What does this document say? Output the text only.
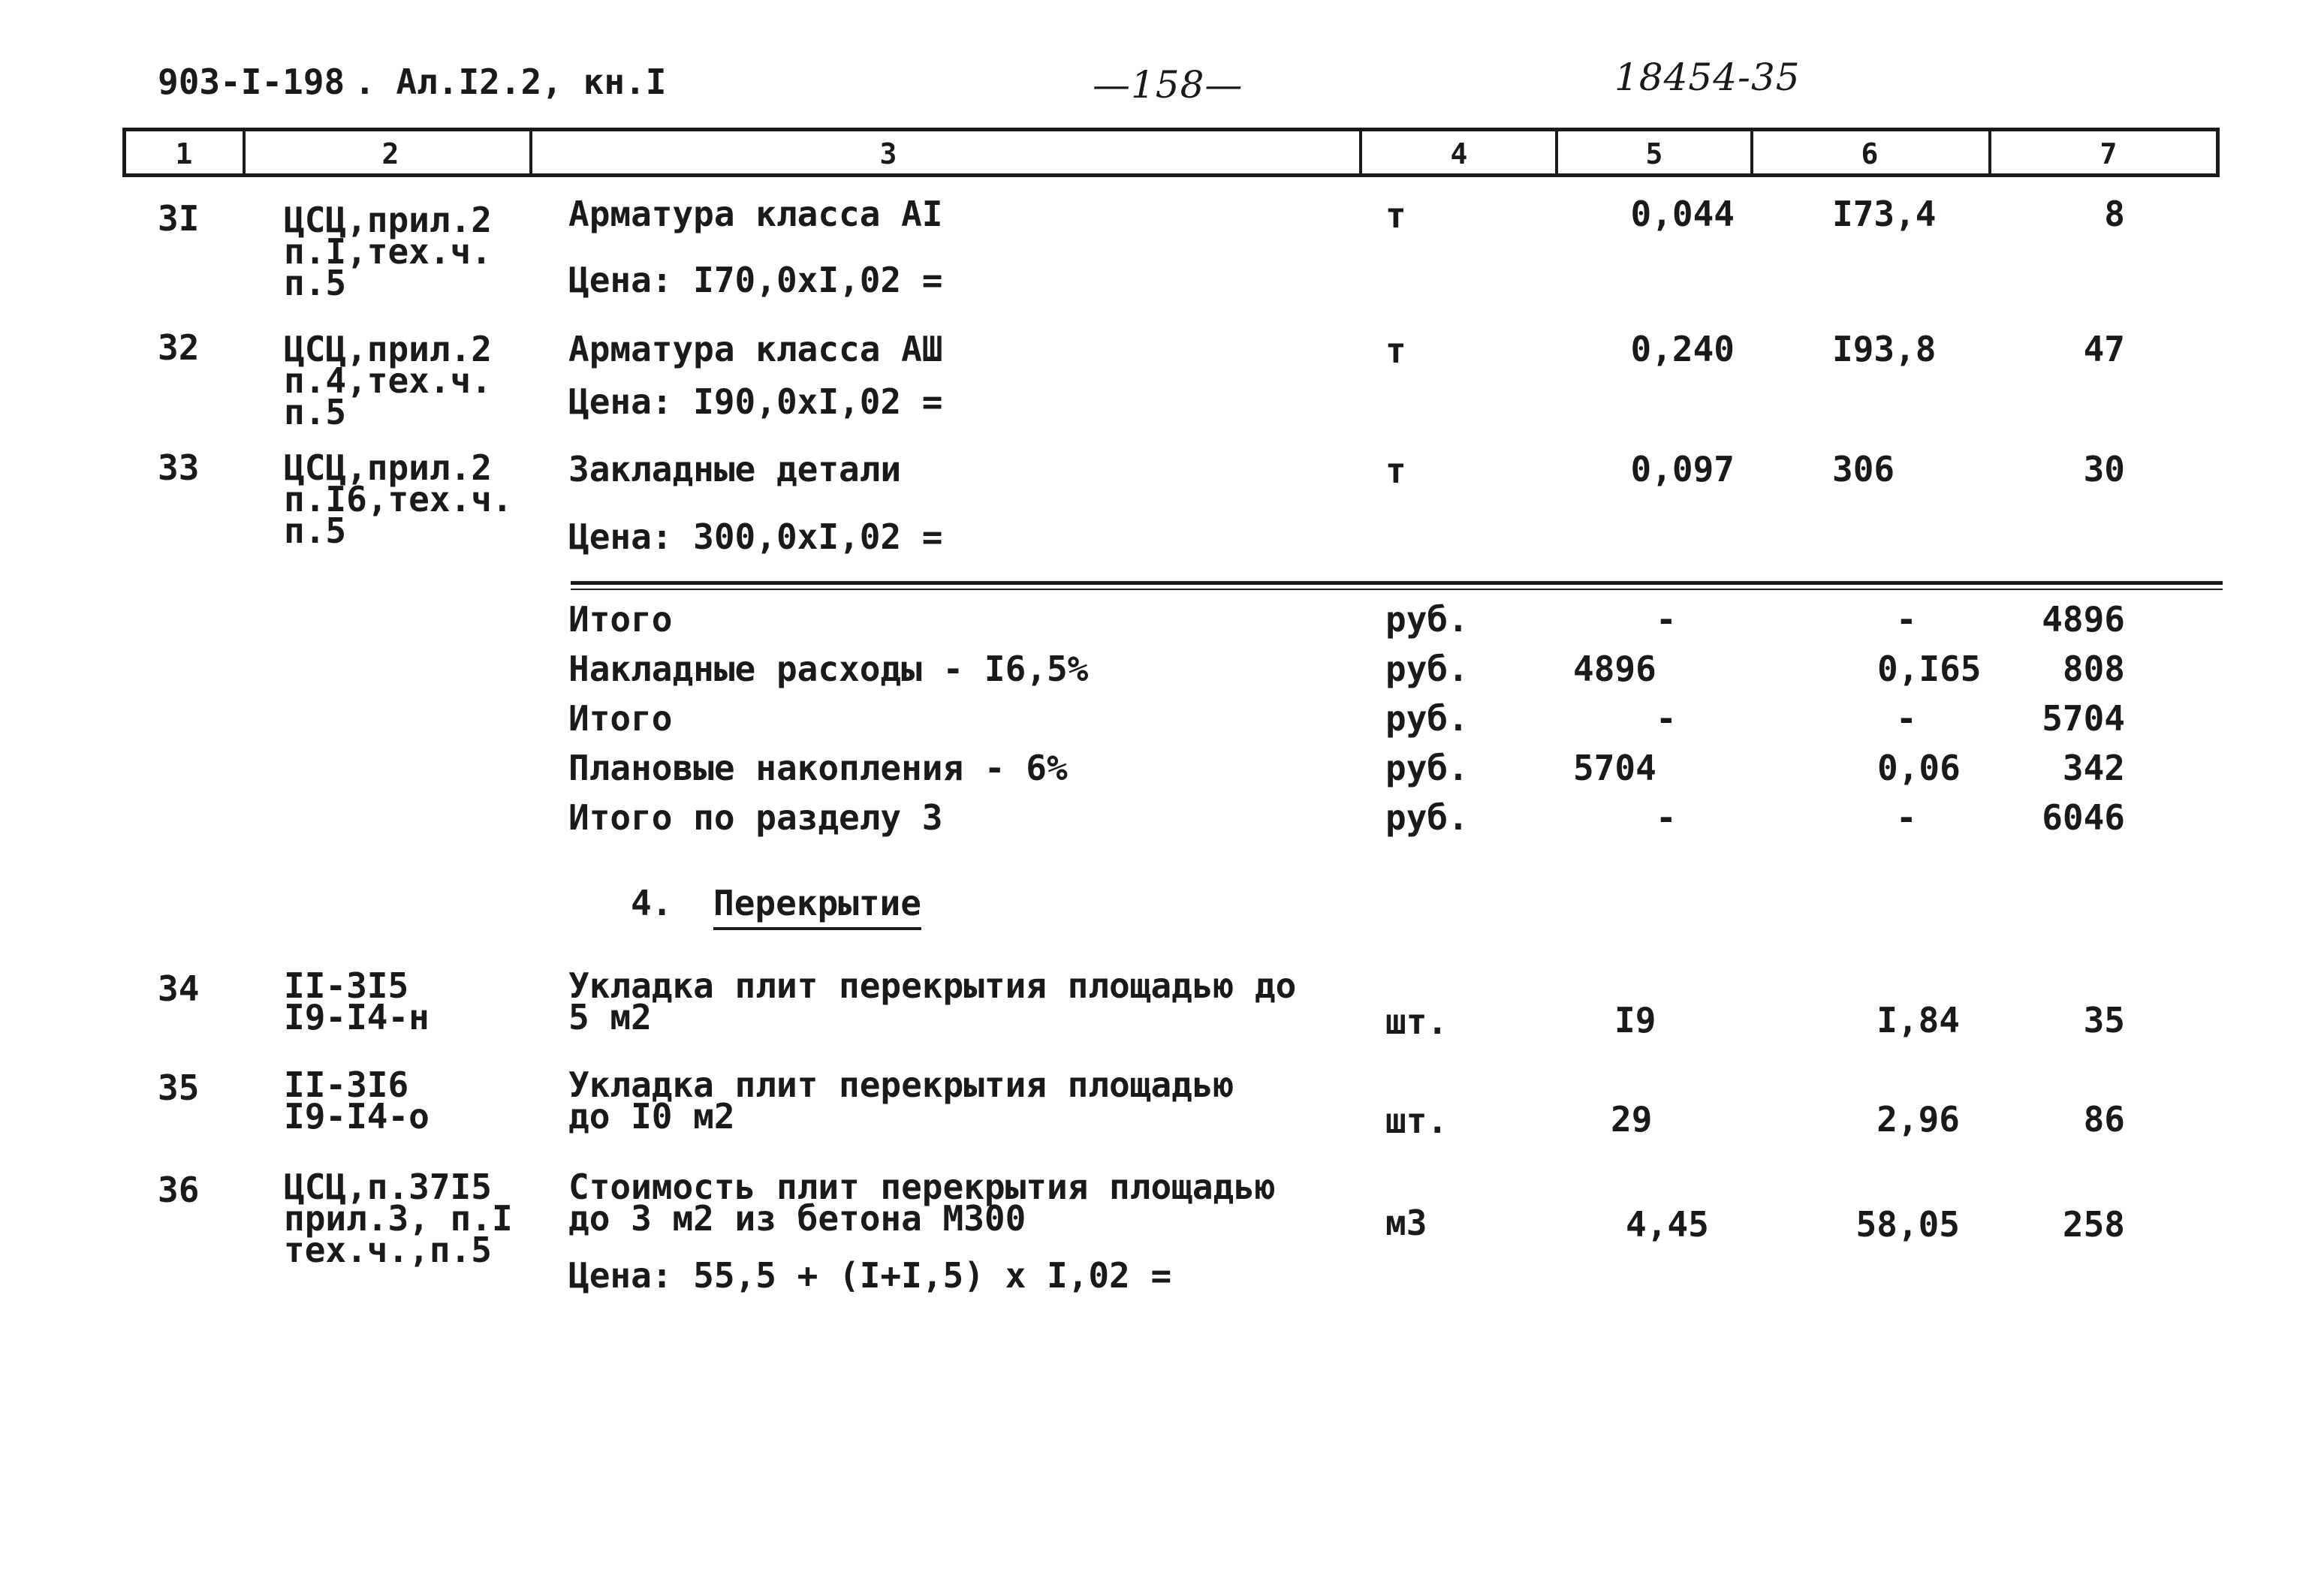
903-I-198 . Ал.I2.2, кн.I	—158—	18454-35
1	2	3	4	5	6	7
3I ЦСЦ,прил.2
п.I,тех.ч.
п.5
Арматура класса AI
Цена: I70,0xI,02 =
т	0,044	I73,4	8
32 ЦСЦ,прил.2
п.4,тех.ч.
п.5
Арматура класса АШ
Цена: I90,0xI,02 =
т	0,240	I93,8	47
33 ЦСЦ,прил.2
п.I6,тех.ч.
п.5
Закладные детали
Цена: 300,0xI,02 =
т	0,097	306	30
Итого	руб.	-	-	4896
Накладные расходы - I6,5%	руб.	4896	0,I65 808
Итого	руб.	-	-	5704
Плановые накопления - 6%	руб.	5704	0,06	342
Итого по разделу 3	руб.	-	-	6046
4. Перекрытие
34 II-3I5
I9-I4-н
Укладка плит перекрытия площадью до
5 м2	шт.	I9	I,84	35
35 II-3I6
I9-I4-о
Укладка плит перекрытия площадью
до I0 м2	шт.	29	2,96	86
36 ЦСЦ,п.37I5
прил.3, п.I
тех.ч.,п.5
Стоимость плит перекрытия площадью
до 3 м2 из бетона М300
Цена: 55,5 + (I+I,5) x I,02 =
м3	4,45	58,05	258
